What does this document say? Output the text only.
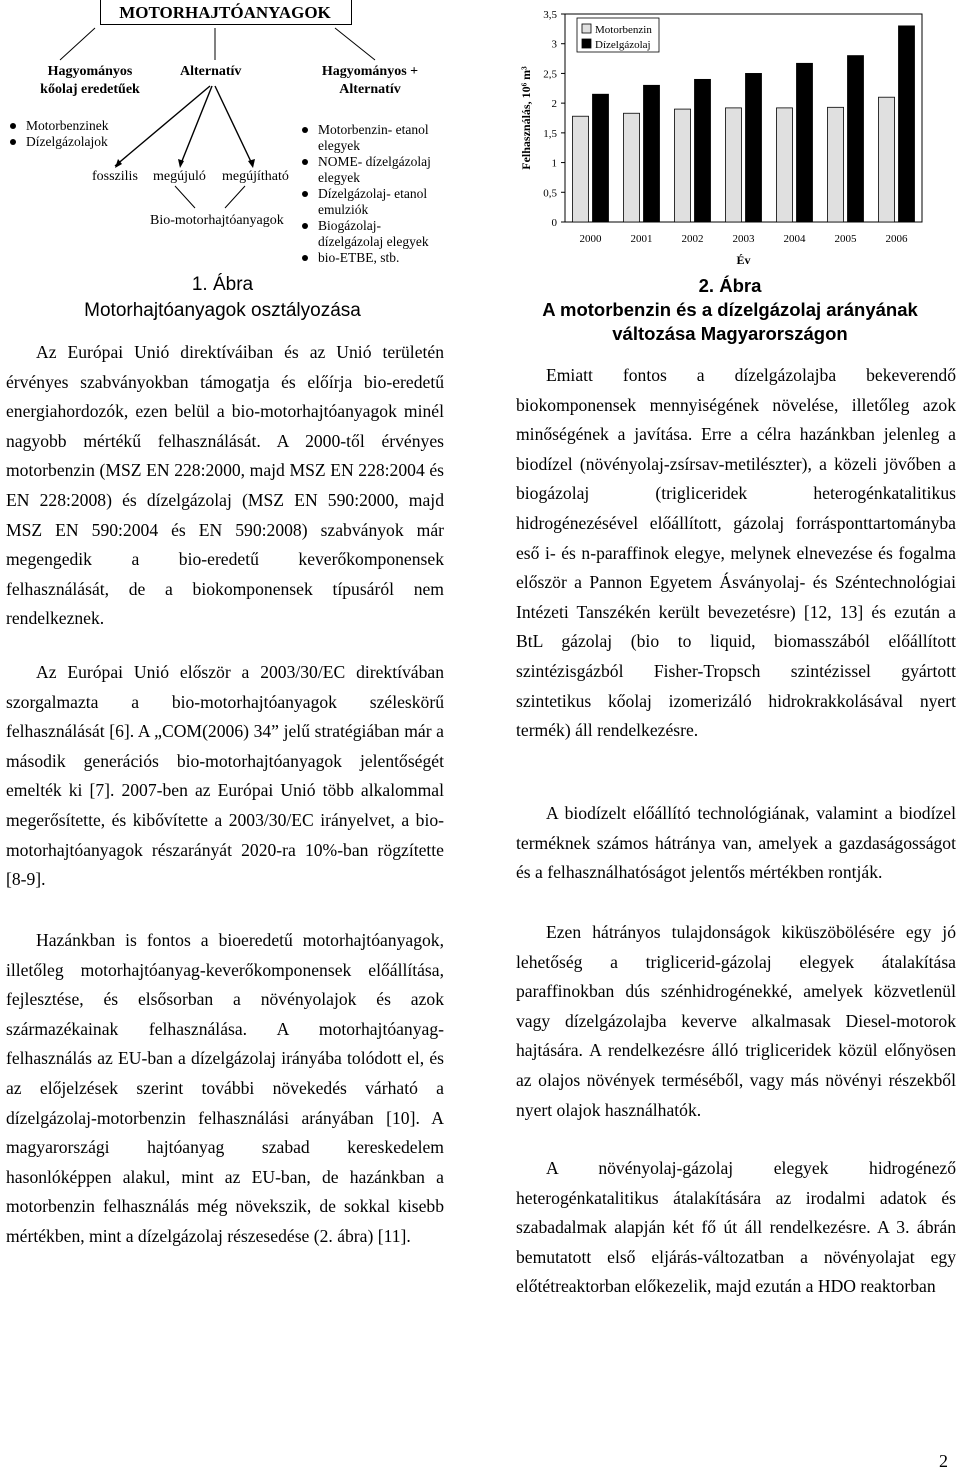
MOTORHAJTÓANYAGOK
Hagyományos
kőolaj eredetűek
Alternatív	Hagyományos +
Alternatív
Motorbenzinek
Dízelgázolajok
fosszilis megújuló megújítható
Bio-motorhajtóanyagok
Motorbenzin- etanol elegyek
NOME- dízelgázolaj elegyek
Dízelgázolaj- etanol emulziók
Biogázolaj-dízelgázolaj elegyek
bio-ETBE, stb.
1. Ábra
Motorhajtóanyagok osztályozása

Az Európai Unió direktíváiban és az Unió területén érvényes szabványokban támogatja és előírja bio-eredetű energiahordozók, ezen belül a bio-motorhajtóanyagok minél nagyobb mértékű felhasználását. A 2000-től érvényes motorbenzin (MSZ EN 228:2000, majd MSZ EN 228:2004 és EN 228:2008) és dízelgázolaj (MSZ EN 590:2000, majd MSZ EN 590:2004 és EN 590:2008) szabványok már megengedik a bio-eredetű keverőkomponensek felhasználását, de a biokomponensek típusáról nem rendelkeznek.

Az Európai Unió először a 2003/30/EC direktívában szorgalmazta a bio-motorhajtóanyagok széleskörű felhasználását [6]. A „COM(2006) 34” jelű stratégiában már a második generációs bio-motorhajtóanyagok jelentőségét emelték ki [7]. 2007-ben az Európai Unió több alkalommal megerősítette, és kibővítette a 2003/30/EC irányelvet, a bio-motorhajtóanyagok részarányát 2020-ra 10%-ban rögzítette [8-9].

Hazánkban is fontos a bioeredetű motorhajtóanyagok, illetőleg motorhajtóanyag-keverőkomponensek előállítása, fejlesztése, és elsősorban a növényolajok és azok származékainak felhasználása. A motorhajtóanyag-felhasználás az EU-ban a dízelgázolaj irányába tolódott el, és az előjelzések szerint további növekedés várható a dízelgázolaj-motorbenzin felhasználási arányában [10]. A magyarországi hajtóanyag szabad kereskedelem hasonlóképpen alakul, mint az EU-ban, de hazánkban a motorbenzin felhasználás még növekszik, de sokkal kisebb mértékben, mint a dízelgázolaj részesedése (2. ábra) [11].

0
0,5
1
1,5
2
2,5
3
3,5
Felhasználás, 10⁶ m³
2000	2001	2002	2003	2004	2005	2006
Év
Motorbenzin
Dízelgázolaj
2. Ábra
A motorbenzin és a dízelgázolaj arányának
változása Magyarországon

Emiatt fontos a dízelgázolajba bekeverendő biokomponensek mennyiségének növelése, illetőleg azok minőségének a javítása. Erre a célra hazánkban jelenleg a biodízel (növényolaj-zsírsav-metilészter), a közeli jövőben a biogázolaj (trigliceridek heterogénkatalitikus hidrogénezésével előállított, gázolaj forrásponttartományba eső i- és n-paraffinok elegye, melynek elnevezése és fogalma először a Pannon Egyetem Ásványolaj- és Széntechnológiai Intézeti Tanszékén került bevezetésre) [12, 13] és ezután a BtL gázolaj (bio to liquid, biomasszából előállított szintézisgázból Fisher-Tropsch szintézissel gyártott szintetikus kőolaj izomerizáló hidrokrakkolásával nyert termék) áll rendelkezésre.

A biodízelt előállító technológiának, valamint a biodízel terméknek számos hátránya van, amelyek a gazdaságosságot és a felhasználhatóságot jelentős mértékben rontják.

Ezen hátrányos tulajdonságok kiküszöbölésére egy jó lehetőség a triglicerid-gázolaj elegyek átalakítása paraffinokban dús szénhidrogénekké, amelyek közvetlenül vagy dízelgázolajba keverve alkalmasak Diesel-motorok hajtására. A rendelkezésre álló trigliceridek közül előnyösen az olajos növények terméséből, vagy más növényi részekből nyert olajok használhatók.

A növényolaj-gázolaj elegyek hidrogénező heterogénkatalitikus átalakítására az irodalmi adatok és szabadalmak alapján két fő út áll rendelkezésre. A 3. ábrán bemutatott első eljárás-változatban a növényolajat egy előtétreaktorban előkezelik, majd ezután a HDO reaktorban

2
